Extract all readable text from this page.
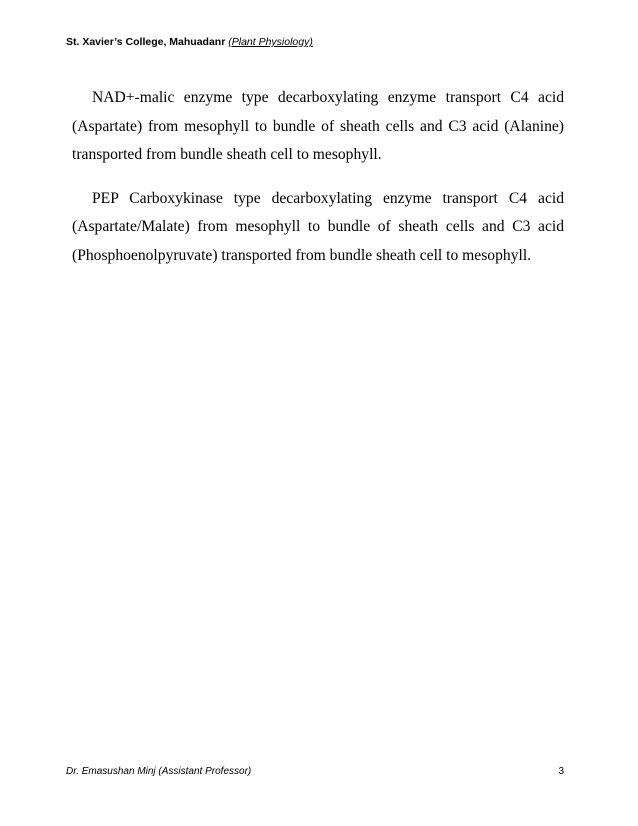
St. Xavier’s College, Mahuadanr (Plant Physiology)

NAD+-malic enzyme type decarboxylating enzyme transport C4 acid (Aspartate) from mesophyll to bundle of sheath cells and C3 acid (Alanine) transported from bundle sheath cell to mesophyll.

PEP Carboxykinase type decarboxylating enzyme transport C4 acid (Aspartate/Malate) from mesophyll to bundle of sheath cells and C3 acid (Phosphoenolpyruvate) transported from bundle sheath cell to mesophyll.

Dr. Emasushan Minj (Assistant Professor)	3
